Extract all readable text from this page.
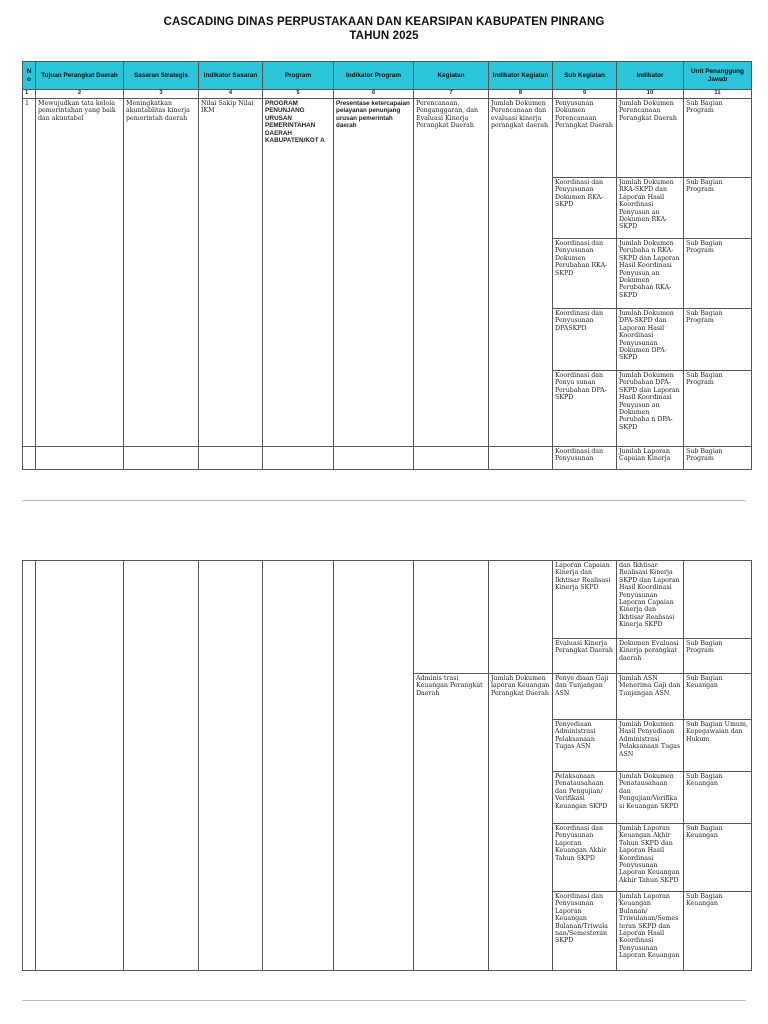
CASCADING DINAS PERPUSTAKAAN DAN KEARSIPAN KABUPATEN PINRANG
TAHUN 2025
N o	Tujuan Perangkat Daerah	Sasaran Strategis	Indikator Sasaran	Program	Indikator Program	Kegiatan	Indikator Kegiatan	Sub Kegiatan	Indikator	Unit Penanggung Jawab
1	2	3	4	5	6	7	8	9	10	11
1	Mewujudkan tata kelola pemerintahan yang baik dan akuntabel	Meningkatkan akuntablitas kinerja pemerintah daerah	Nilai Sakip Nilai IKM	PROGRAM PENUNJANG URUSAN PEMERINTAHAN DAERAH KABUPATEN/KOT A	Presentase ketercapaian pelayanan penunjang urusan pemerintah daerah	Perencanaan, Penganggaran, dan Evaluasi Kinerja Perangkat Daerah	Jumlah Dokumen Perencanaan dan evaluasi kinerja perangkat daerah	Penyusunan Dokumen Perencanaan Perangkat Daerah	Jumlah Dokumen Perencanaan Perangkat Daerah	Sub Bagian Program
								Koordinasi dan Penyusunan Dokumen RKA-SKPD	Jumlah Dokumen RKA-SKPD dan Laporan Hasil Koordinasi Penyusun an Dokumen RKA-SKPD	Sub Bagian Program
								Koordinasi dan Penyusunan Dokumen Perubahan RKA-SKPD	Jumlah Dokumen Perubaha n RKA-SKPD dan Laporan Hasil Koordinasi Penyusun an Dokumen Perubahan RKA-SKPD	Sub Bagian Program
								Koordinasi dan Penyusunan DPASKPD	Jumlah Dokumen DPA-SKPD dan Laporan Hasil Koordinasi Penyusunan Dokumen DPA-SKPD	Sub Bagian Program
								Koordinasi dan Penyu sunan Perubahan DPA-SKPD	Jumlah Dokumen Perubahan DPA-SKPD dan Laporan Hasil Koordinasi Penyusun an Dokumen Perubaha n DPA-SKPD	Sub Bagian Program
								Koordinasi dan Penyusunan	Jumlah Laporan Capaian Kinerja	Sub Bagian Program
								Laporan Capaian Kinerja dan Ikhtisar Realisasi Kinerja SKPD	dan Ikhtisar Realisasi Kinerja SKPD dan Laporan Hasil Koordinasi Penyusunan Laporan Capaian Kinerja dan Ikhtisar Realisasi Kinerja SKPD	
								Evaluasi Kinerja Perangkat Daerah	Dokumen Evaluasi Kinerja perangkat daerah	Sub Bagian Program
						Adminis trasi Keuangan Perangkat Daerah	Jumlah Dokumen laporan Keuangan Perangkat Daerah	Penye diaan Gaji dan Tunjangan ASN	Jumlah ASN Menerima Gaji dan Tunjangan ASN	Sub Bagian Keuangan
								Penyediaan Administrasi Pelaksanaan Tugas ASN	Jumlah Dokumen Hasil Penyediaan Administrasi Pelaksanaan Tugas ASN	Sub Bagian Umum, Kepegawaian dan Hukum
								Pelaksanaan Penatausahaan dan Pengujian/ Verifikasi Keuangan SKPD	Jumlah Dokumen Penatausahaan dan Pengujian/Verifika si Keuangan SKPD	Sub Bagian Keuangan
								Koordinasi dan Penyusunan Laporan Keuangan Akhir Tahun SKPD	Jumlah Laporan Keuangan Akhir Tahun SKPD dan Laporan Hasil Koordinasi Penyusunan Laporan Keuangan Akhir Tahun SKPD	Sub Bagian Keuangan
								Koordinasi dan Penyusunan Laporan Keuangan Bulanan/Triwula nan/Semesteran SKPD	Jumlah Laporan Keuangan Bulanan/ Triwulanan/Semes teran SKPD dan Laporan Hasil Koordinasi Penyusunan Laporan Keuangan	Sub Bagian Keuangan
